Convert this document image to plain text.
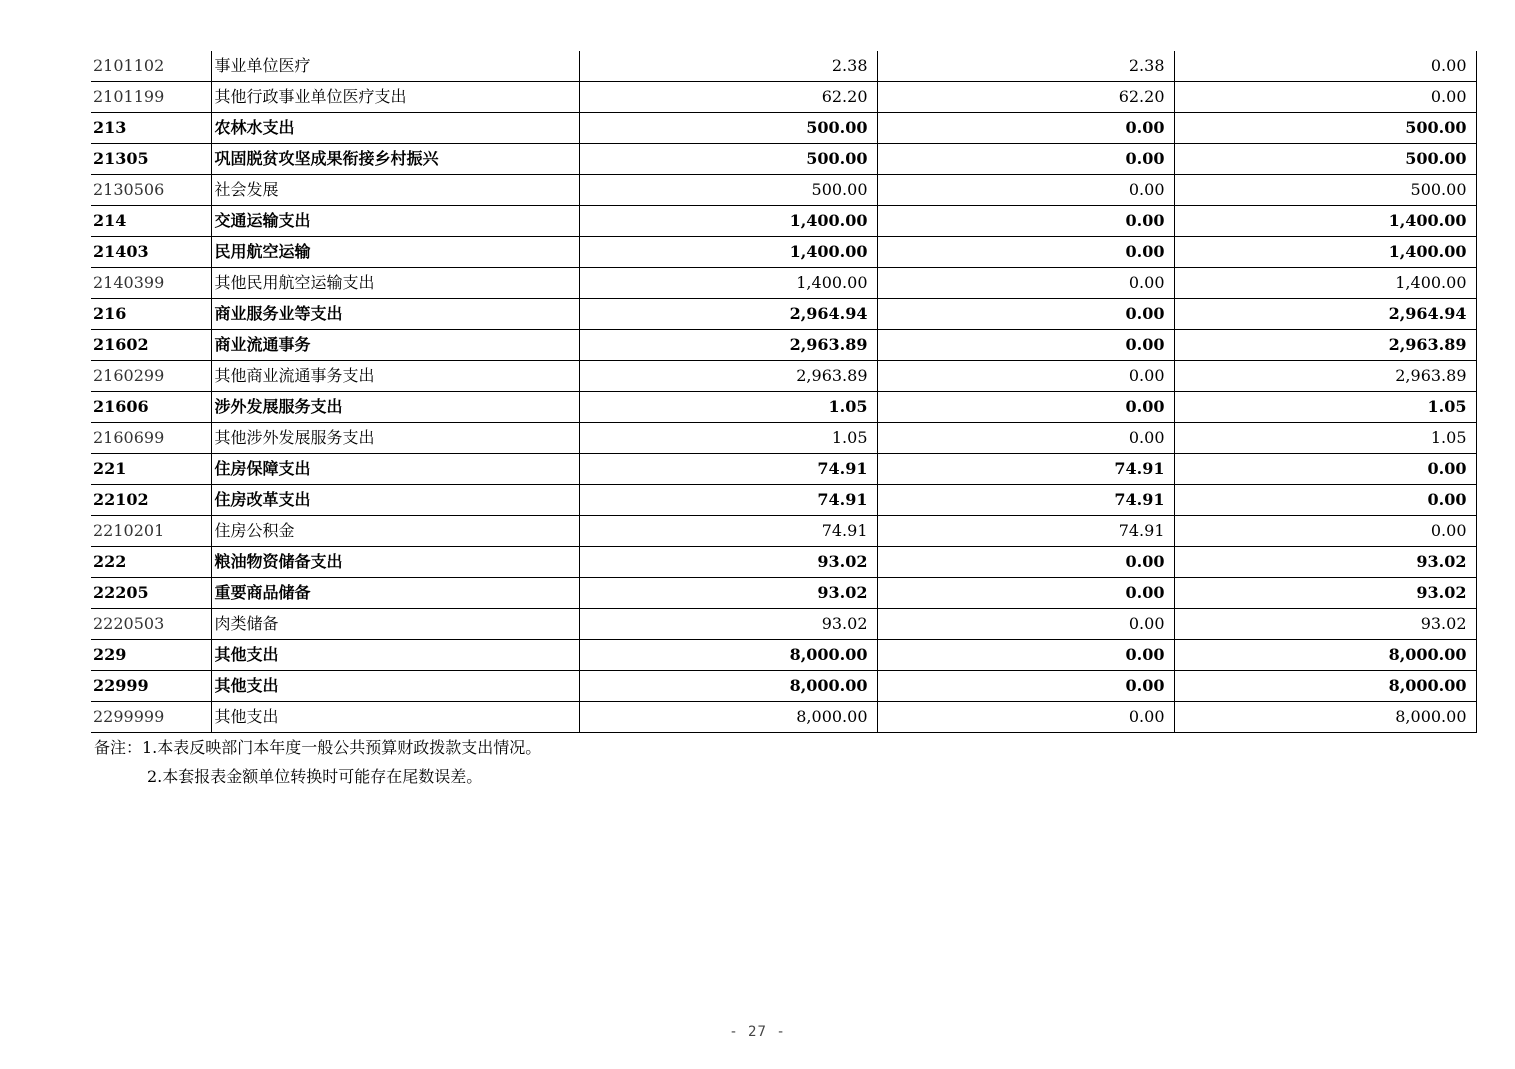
2101102	事业单位医疗	2.38	2.38	0.00
2101199	其他行政事业单位医疗支出	62.20	62.20	0.00
213	农林水支出	500.00	0.00	500.00
21305	巩固脱贫攻坚成果衔接乡村振兴	500.00	0.00	500.00
2130506	社会发展	500.00	0.00	500.00
214	交通运输支出	1,400.00	0.00	1,400.00
21403	民用航空运输	1,400.00	0.00	1,400.00
2140399	其他民用航空运输支出	1,400.00	0.00	1,400.00
216	商业服务业等支出	2,964.94	0.00	2,964.94
21602	商业流通事务	2,963.89	0.00	2,963.89
2160299	其他商业流通事务支出	2,963.89	0.00	2,963.89
21606	涉外发展服务支出	1.05	0.00	1.05
2160699	其他涉外发展服务支出	1.05	0.00	1.05
221	住房保障支出	74.91	74.91	0.00
22102	住房改革支出	74.91	74.91	0.00
2210201	住房公积金	74.91	74.91	0.00
222	粮油物资储备支出	93.02	0.00	93.02
22205	重要商品储备	93.02	0.00	93.02
2220503	肉类储备	93.02	0.00	93.02
229	其他支出	8,000.00	0.00	8,000.00
22999	其他支出	8,000.00	0.00	8,000.00
2299999	其他支出	8,000.00	0.00	8,000.00
备注：1.本表反映部门本年度一般公共预算财政拨款支出情况。
2.本套报表金额单位转换时可能存在尾数误差。
- 27 -
